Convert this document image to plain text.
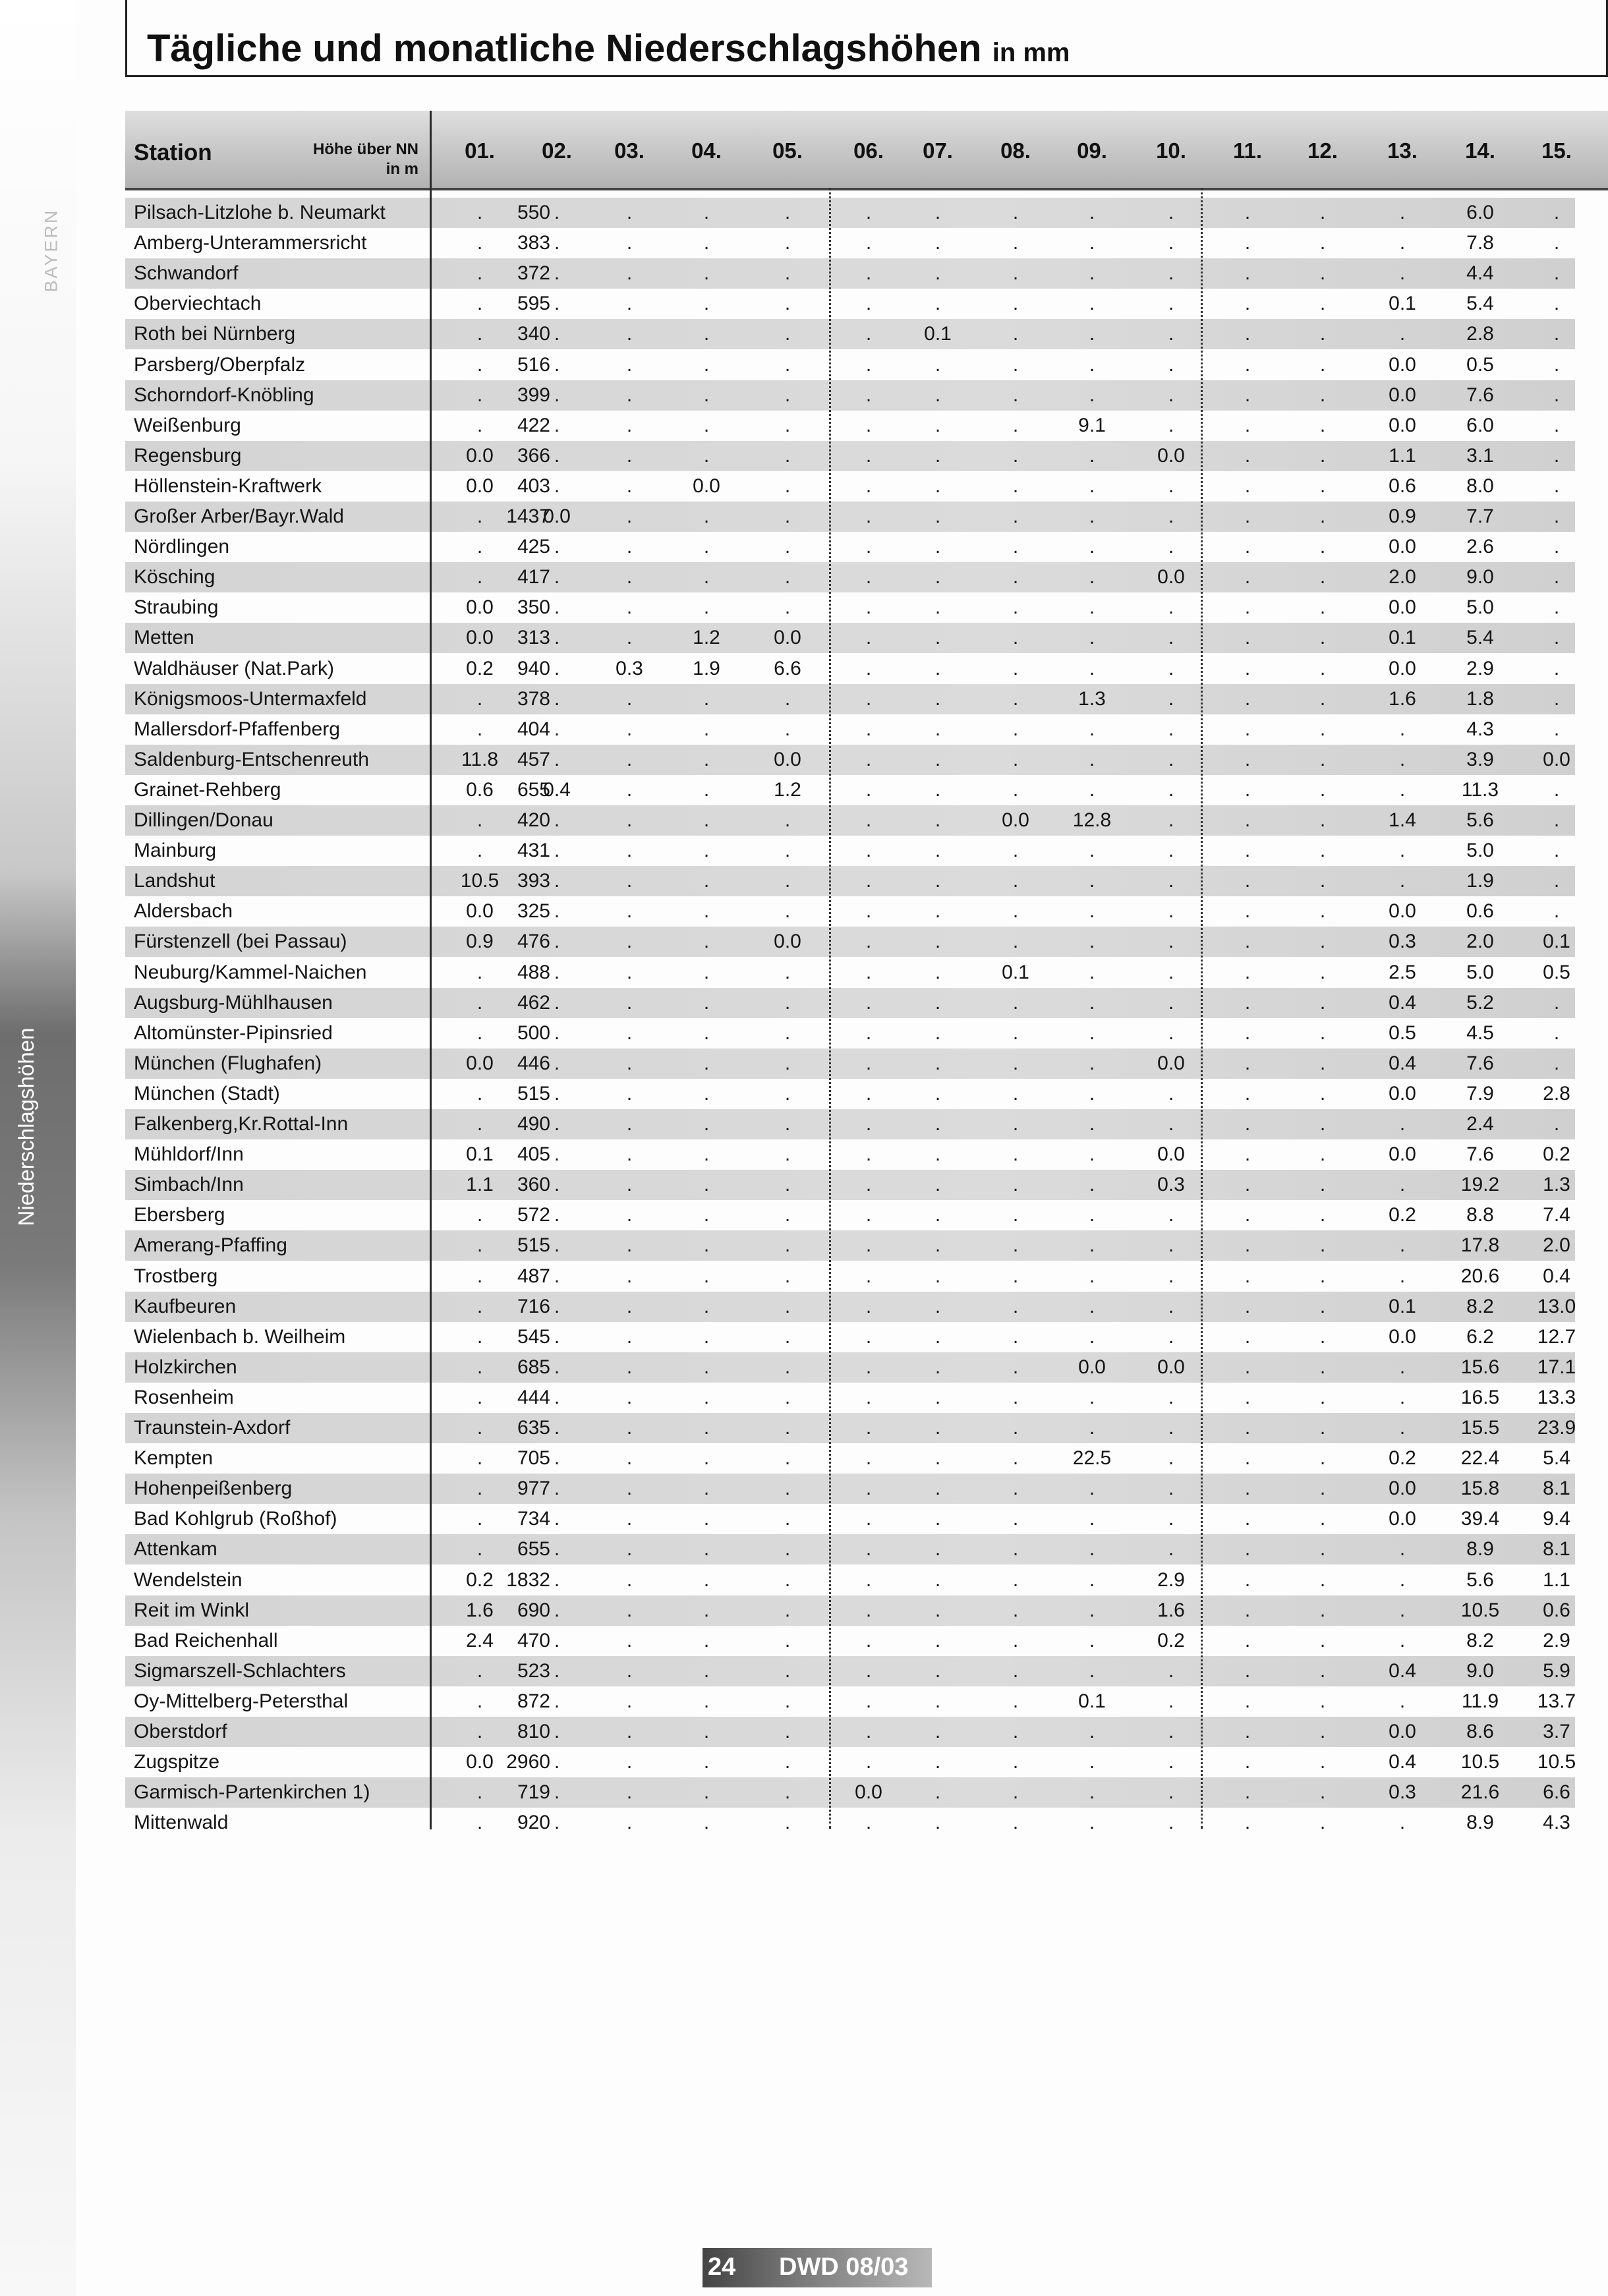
BAYERN
Niederschlagshöhen
Tägliche und monatliche Niederschlagshöhen in mm
Station	Höhe über NN
in m
01.	02.	03.	04.	05.	06.	07.	08.	09.	10.	11.	12.	13.	14.	15.
Pilsach-Litzlohe b. Neumarkt	550
.	.	.	.	.	.	.	.	.	.	.	.	.	6.0	.
Amberg-Unterammersricht	383
.	.	.	.	.	.	.	.	.	.	.	.	.	7.8	.
Schwandorf	372
.	.	.	.	.	.	.	.	.	.	.	.	.	4.4	.
Oberviechtach	595
.	.	.	.	.	.	.	.	.	.	.	.	0.1	5.4	.
Roth bei Nürnberg	340
.	.	.	.	.	.	0.1	.	.	.	.	.	.	2.8	.
Parsberg/Oberpfalz	516
.	.	.	.	.	.	.	.	.	.	.	.	0.0	0.5	.
Schorndorf-Knöbling	399
.	.	.	.	.	.	.	.	.	.	.	.	0.0	7.6	.
Weißenburg	422
.	.	.	.	.	.	.	.	9.1	.	.	.	0.0	6.0	.
Regensburg	366
0.0	.	.	.	.	.	.	.	.	0.0	.	.	1.1	3.1	.
Höllenstein-Kraftwerk	403
0.0	.	.	0.0	.	.	.	.	.	.	.	.	0.6	8.0	.
Großer Arber/Bayr.Wald	1437
.	0.0	.	.	.	.	.	.	.	.	.	.	0.9	7.7	.
Nördlingen	425
.	.	.	.	.	.	.	.	.	.	.	.	0.0	2.6	.
Kösching	417
.	.	.	.	.	.	.	.	.	0.0	.	.	2.0	9.0	.
Straubing	350
0.0	.	.	.	.	.	.	.	.	.	.	.	0.0	5.0	.
Metten	313
0.0	.	.	1.2	0.0	.	.	.	.	.	.	.	0.1	5.4	.
Waldhäuser (Nat.Park)	940
0.2	.	0.3	1.9	6.6	.	.	.	.	.	.	.	0.0	2.9	.
Königsmoos-Untermaxfeld	378
.	.	.	.	.	.	.	.	1.3	.	.	.	1.6	1.8	.
Mallersdorf-Pfaffenberg	404
.	.	.	.	.	.	.	.	.	.	.	.	.	4.3	.
Saldenburg-Entschenreuth	457
11.8	.	.	.	0.0	.	.	.	.	.	.	.	.	3.9	0.0
Grainet-Rehberg	655
0.6	0.4	.	.	1.2	.	.	.	.	.	.	.	.	11.3	.
Dillingen/Donau	420
.	.	.	.	.	.	.	0.0	12.8	.	.	.	1.4	5.6	.
Mainburg	431
.	.	.	.	.	.	.	.	.	.	.	.	.	5.0	.
Landshut	393
10.5	.	.	.	.	.	.	.	.	.	.	.	.	1.9	.
Aldersbach	325
0.0	.	.	.	.	.	.	.	.	.	.	.	0.0	0.6	.
Fürstenzell (bei Passau)	476
0.9	.	.	.	0.0	.	.	.	.	.	.	.	0.3	2.0	0.1
Neuburg/Kammel-Naichen	488
.	.	.	.	.	.	.	0.1	.	.	.	.	2.5	5.0	0.5
Augsburg-Mühlhausen	462
.	.	.	.	.	.	.	.	.	.	.	.	0.4	5.2	.
Altomünster-Pipinsried	500
.	.	.	.	.	.	.	.	.	.	.	.	0.5	4.5	.
München (Flughafen)	446
0.0	.	.	.	.	.	.	.	.	0.0	.	.	0.4	7.6	.
München (Stadt)	515
.	.	.	.	.	.	.	.	.	.	.	.	0.0	7.9	2.8
Falkenberg,Kr.Rottal-Inn	490
.	.	.	.	.	.	.	.	.	.	.	.	.	2.4	.
Mühldorf/Inn	405
0.1	.	.	.	.	.	.	.	.	0.0	.	.	0.0	7.6	0.2
Simbach/Inn	360
1.1	.	.	.	.	.	.	.	.	0.3	.	.	.	19.2	1.3
Ebersberg	572
.	.	.	.	.	.	.	.	.	.	.	.	0.2	8.8	7.4
Amerang-Pfaffing	515
.	.	.	.	.	.	.	.	.	.	.	.	.	17.8	2.0
Trostberg	487
.	.	.	.	.	.	.	.	.	.	.	.	.	20.6	0.4
Kaufbeuren	716
.	.	.	.	.	.	.	.	.	.	.	.	0.1	8.2	13.0
Wielenbach b. Weilheim	545
.	.	.	.	.	.	.	.	.	.	.	.	0.0	6.2	12.7
Holzkirchen	685
.	.	.	.	.	.	.	.	0.0	0.0	.	.	.	15.6	17.1
Rosenheim	444
.	.	.	.	.	.	.	.	.	.	.	.	.	16.5	13.3
Traunstein-Axdorf	635
.	.	.	.	.	.	.	.	.	.	.	.	.	15.5	23.9
Kempten	705
.	.	.	.	.	.	.	.	22.5	.	.	.	0.2	22.4	5.4
Hohenpeißenberg	977
.	.	.	.	.	.	.	.	.	.	.	.	0.0	15.8	8.1
Bad Kohlgrub (Roßhof)	734
.	.	.	.	.	.	.	.	.	.	.	.	0.0	39.4	9.4
Attenkam	655
.	.	.	.	.	.	.	.	.	.	.	.	.	8.9	8.1
Wendelstein	1832
0.2	.	.	.	.	.	.	.	.	2.9	.	.	.	5.6	1.1
Reit im Winkl	690
1.6	.	.	.	.	.	.	.	.	1.6	.	.	.	10.5	0.6
Bad Reichenhall	470
2.4	.	.	.	.	.	.	.	.	0.2	.	.	.	8.2	2.9
Sigmarszell-Schlachters	523
.	.	.	.	.	.	.	.	.	.	.	.	0.4	9.0	5.9
Oy-Mittelberg-Petersthal	872
.	.	.	.	.	.	.	.	0.1	.	.	.	.	11.9	13.7
Oberstdorf	810
.	.	.	.	.	.	.	.	.	.	.	.	0.0	8.6	3.7
Zugspitze	2960
0.0	.	.	.	.	.	.	.	.	.	.	.	0.4	10.5	10.5
Garmisch-Partenkirchen 1)	719
.	.	.	.	.	0.0	.	.	.	.	.	.	0.3	21.6	6.6
Mittenwald	920
.	.	.	.	.	.	.	.	.	.	.	.	.	8.9	4.3
24 DWD 08/03
